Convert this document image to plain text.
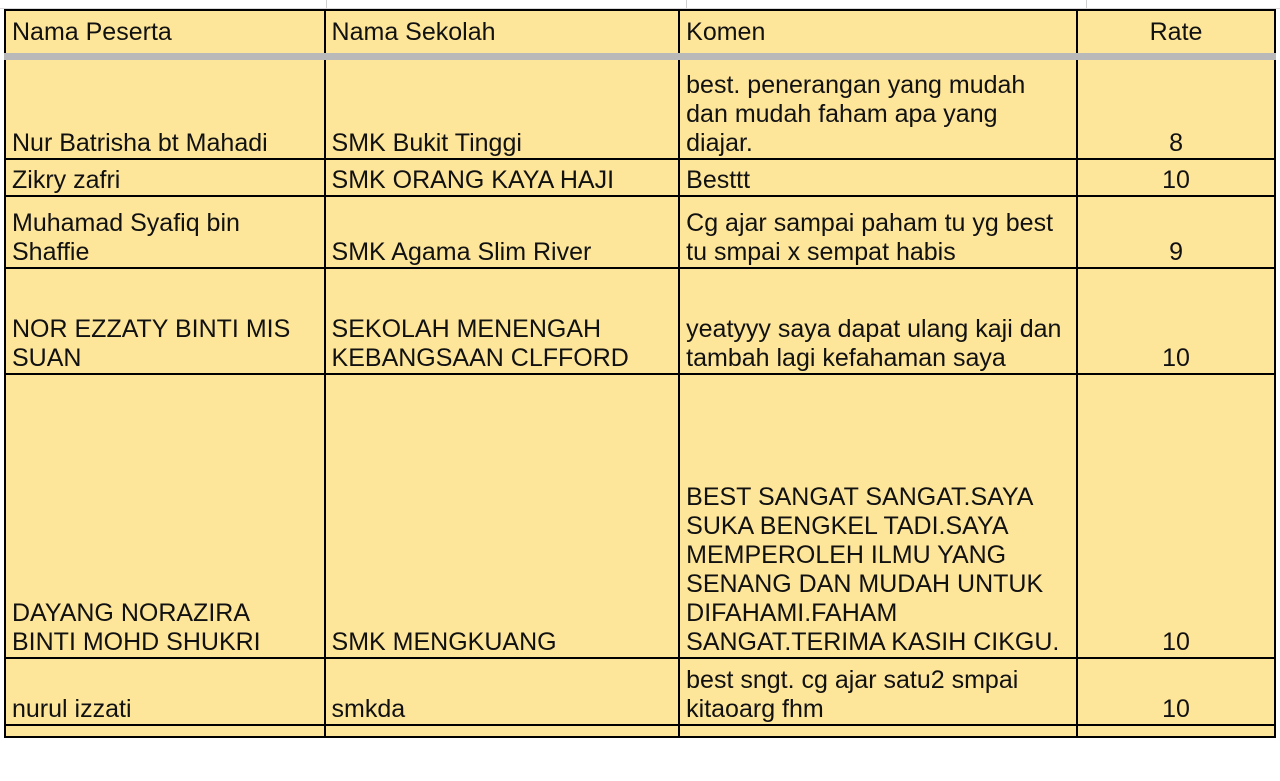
Nama Peserta	Nama Sekolah	Komen	Rate
Nur Batrisha bt Mahadi	SMK Bukit Tinggi	best. penerangan yang mudah dan mudah faham apa yang diajar.	8
Zikry zafri	SMK ORANG KAYA HAJI	Besttt	10
Muhamad Syafiq bin Shaffie	SMK Agama Slim River	Cg ajar sampai paham tu yg best tu smpai x sempat habis	9
NOR EZZATY BINTI MIS SUAN	SEKOLAH MENENGAH KEBANGSAAN CLFFORD	yeatyyy saya dapat ulang kaji dan tambah lagi kefahaman saya	10
DAYANG NORAZIRA BINTI MOHD SHUKRI	SMK MENGKUANG	BEST SANGAT SANGAT.SAYA SUKA BENGKEL TADI.SAYA MEMPEROLEH ILMU YANG SENANG DAN MUDAH UNTUK DIFAHAMI.FAHAM SANGAT.TERIMA KASIH CIKGU.	10
nurul izzati	smkda	best sngt. cg ajar satu2 smpai kitaoarg fhm	10
